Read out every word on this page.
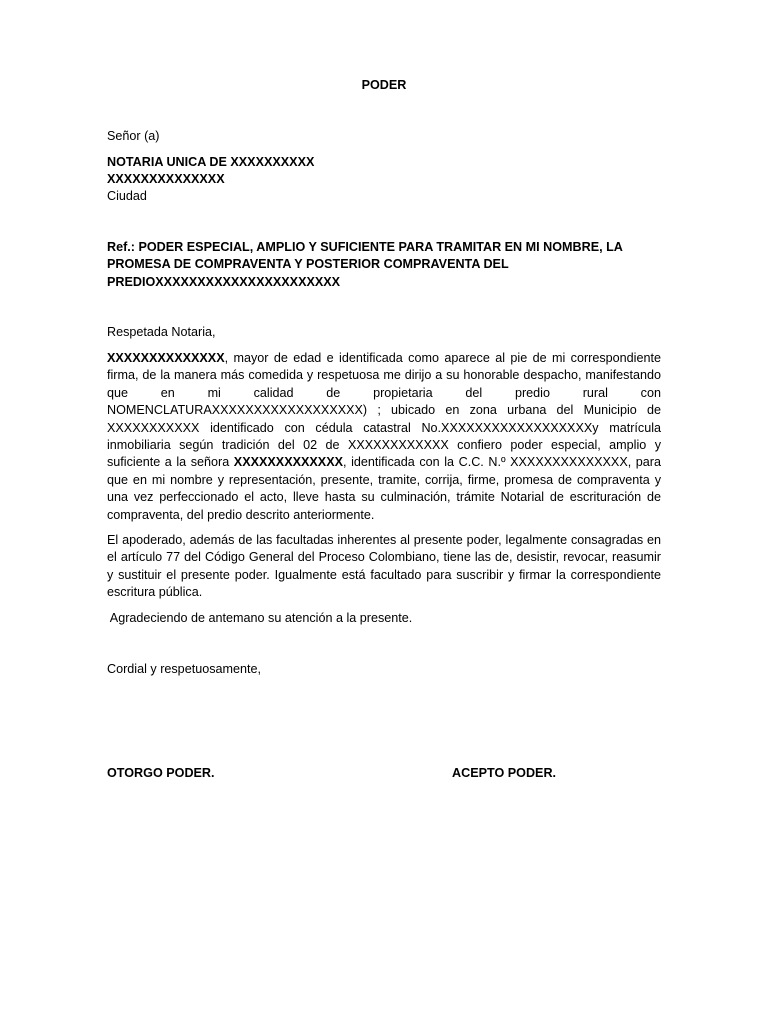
PODER
Señor (a)
NOTARIA UNICA DE XXXXXXXXXX
XXXXXXXXXXXXXX
Ciudad
Ref.: PODER ESPECIAL, AMPLIO Y SUFICIENTE PARA TRAMITAR EN MI NOMBRE, LA PROMESA DE COMPRAVENTA Y POSTERIOR COMPRAVENTA DEL PREDIOXXXXXXXXXXXXXXXXXXXXXX
Respetada Notaria,
XXXXXXXXXXXXXX, mayor de edad e identificada como aparece al pie de mi correspondiente firma, de la manera más comedida y respetuosa me dirijo a su honorable despacho, manifestando que en mi calidad de propietaria del predio rural con NOMENCLATURAXXXXXXXXXXXXXXXXXX) ; ubicado en zona urbana del Municipio de XXXXXXXXXXX identificado con cédula catastral No.XXXXXXXXXXXXXXXXXXy matrícula inmobiliaria según tradición del 02 de XXXXXXXXXXXX confiero poder especial, amplio y suficiente a la señora XXXXXXXXXXXXX, identificada con la C.C. N.º XXXXXXXXXXXXXX, para que en mi nombre y representación, presente, tramite, corrija, firme, promesa de compraventa y una vez perfeccionado el acto, lleve hasta su culminación, trámite Notarial de escrituración de compraventa, del predio descrito anteriormente.
El apoderado, además de las facultadas inherentes al presente poder, legalmente consagradas en el artículo 77 del Código General del Proceso Colombiano, tiene las de, desistir, revocar, reasumir y sustituir el presente poder. Igualmente está facultado para suscribir y firmar la correspondiente escritura pública.
Agradeciendo de antemano su atención a la presente.
Cordial y respetuosamente,
OTORGO PODER.	ACEPTO PODER.
